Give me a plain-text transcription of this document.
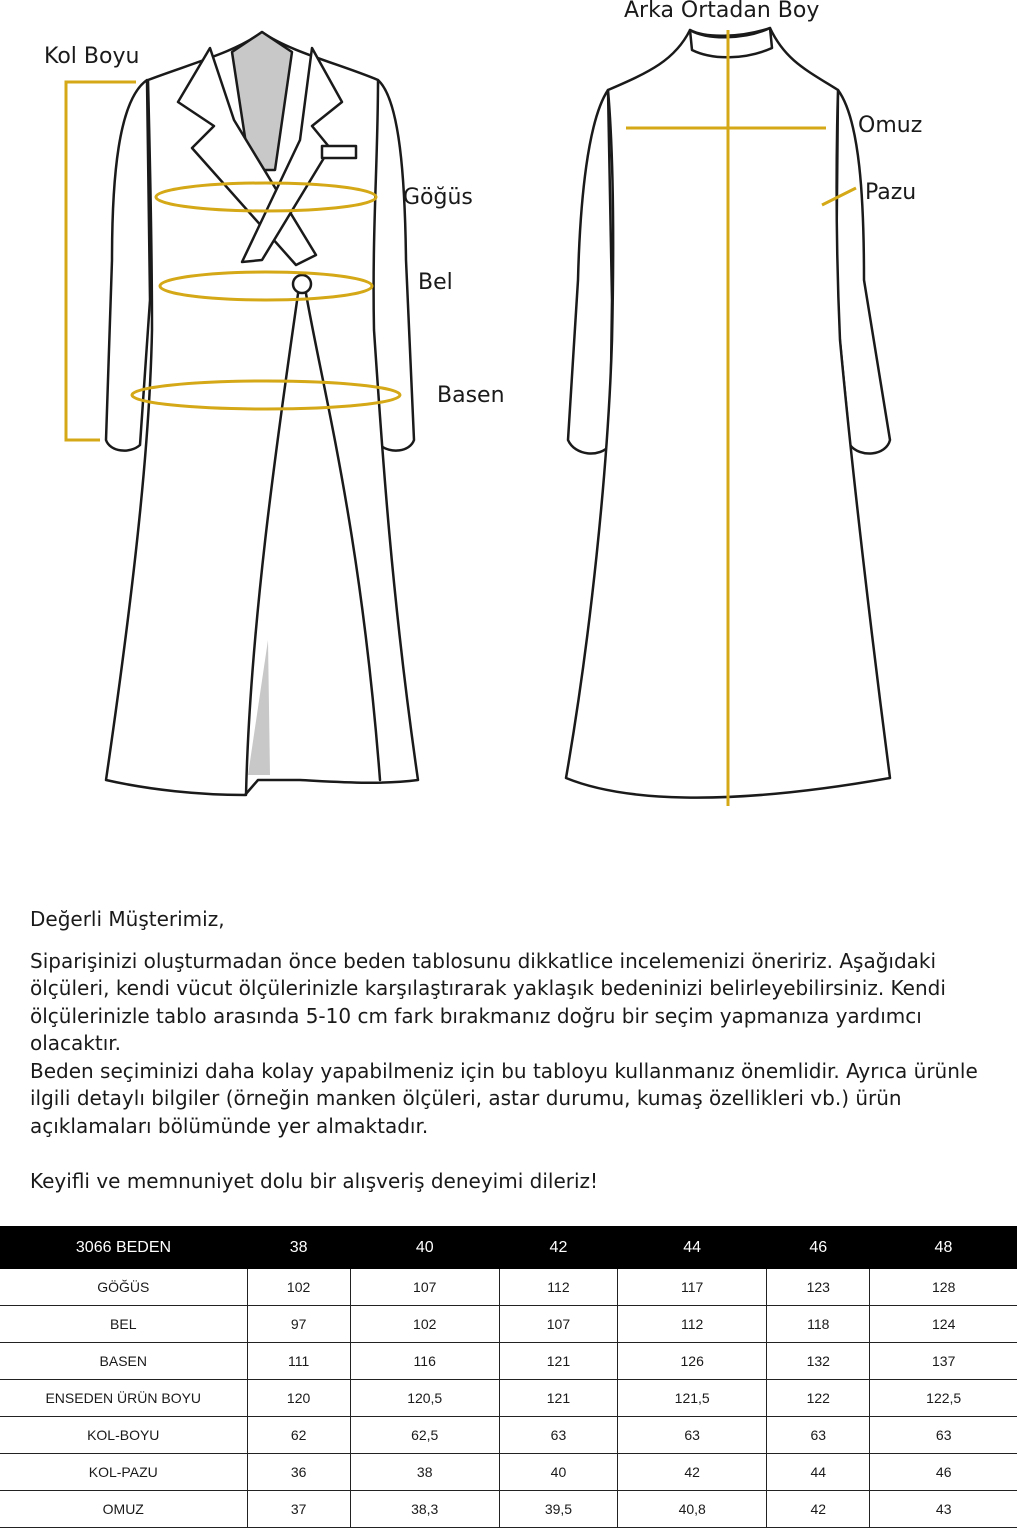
Kol Boyu
Göğüs
Bel
Basen
Arka Ortadan Boy
Omuz
Pazu

Değerli Müşterimiz,

Siparişinizi oluşturmadan önce beden tablosunu dikkatlice incelemenizi öneririz. Aşağıdaki ölçüleri, kendi vücut ölçülerinizle karşılaştırarak yaklaşık bedeninizi belirleyebilirsiniz. Kendi ölçülerinizle tablo arasında 5-10 cm fark bırakmanız doğru bir seçim yapmanıza yardımcı olacaktır.

Beden seçiminizi daha kolay yapabilmeniz için bu tabloyu kullanmanız önemlidir. Ayrıca ürünle ilgili detaylı bilgiler (örneğin manken ölçüleri, astar durumu, kumaş özellikleri vb.) ürün açıklamaları bölümünde yer almaktadır.

Keyifli ve memnuniyet dolu bir alışveriş deneyimi dileriz!

3066 BEDEN	38	40	42	44	46	48
GÖĞÜS	102	107	112	117	123	128
BEL	97	102	107	112	118	124
BASEN	111	116	121	126	132	137
ENSEDEN ÜRÜN BOYU	120	120,5	121	121,5	122	122,5
KOL-BOYU	62	62,5	63	63	63	63
KOL-PAZU	36	38	40	42	44	46
OMUZ	37	38,3	39,5	40,8	42	43
